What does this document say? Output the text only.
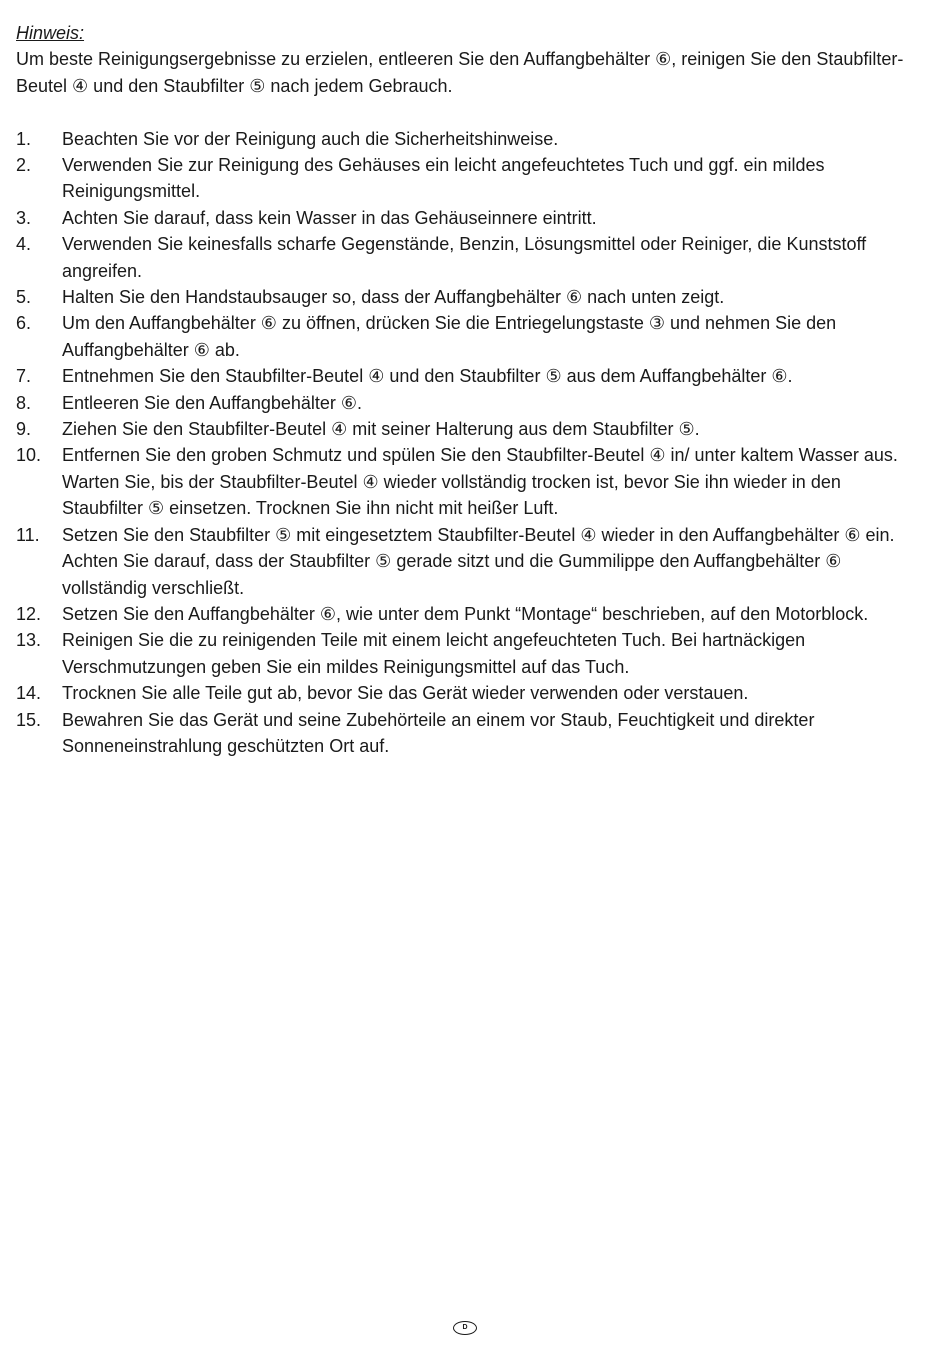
Hinweis:

Um beste Reinigungsergebnisse zu erzielen, entleeren Sie den Auffangbehälter ⑥, reinigen Sie den Staubfilter-Beutel ④ und den Staubfilter ⑤ nach jedem Gebrauch.

1.	Beachten Sie vor der Reinigung auch die Sicherheitshinweise.
2.	Verwenden Sie zur Reinigung des Gehäuses ein leicht angefeuchtetes Tuch und ggf. ein mildes Reinigungsmittel.
3.	Achten Sie darauf, dass kein Wasser in das Gehäuseinnere eintritt.
4.	Verwenden Sie keinesfalls scharfe Gegenstände, Benzin, Lösungsmittel oder Reiniger, die Kunststoff angreifen.
5.	Halten Sie den Handstaubsauger so, dass der Auffangbehälter ⑥ nach unten zeigt.
6.	Um den Auffangbehälter ⑥ zu öffnen, drücken Sie die Entriegelungstaste ③ und nehmen Sie den Auffangbehälter ⑥ ab.
7.	Entnehmen Sie den Staubfilter-Beutel ④ und den Staubfilter ⑤ aus dem Auffangbehälter ⑥.
8.	Entleeren Sie den Auffangbehälter ⑥.
9.	Ziehen Sie den Staubfilter-Beutel ④ mit seiner Halterung aus dem Staubfilter ⑤.
10.	Entfernen Sie den groben Schmutz und spülen Sie den Staubfilter-Beutel ④ in/ unter kaltem Wasser aus. Warten Sie, bis der Staubfilter-Beutel ④ wieder vollständig trocken ist, bevor Sie ihn wieder in den Staubfilter ⑤ einsetzen. Trocknen Sie ihn nicht mit heißer Luft.
11.	Setzen Sie den Staubfilter ⑤ mit eingesetztem Staubfilter-Beutel ④ wieder in den Auffangbehälter ⑥ ein. Achten Sie darauf, dass der Staubfilter ⑤ gerade sitzt und die Gummilippe den Auffangbehälter ⑥ vollständig verschließt.
12.	Setzen Sie den Auffangbehälter ⑥, wie unter dem Punkt “Montage“ beschrieben, auf den Motorblock.
13.	Reinigen Sie die zu reinigenden Teile mit einem leicht angefeuchteten Tuch. Bei hartnäckigen Verschmutzungen geben Sie ein mildes Reinigungsmittel auf das Tuch.
14.	Trocknen Sie alle Teile gut ab, bevor Sie das Gerät wieder verwenden oder verstauen.
15.	Bewahren Sie das Gerät und seine Zubehörteile an einem vor Staub, Feuchtigkeit und direkter Sonneneinstrahlung geschützten Ort auf.
D
